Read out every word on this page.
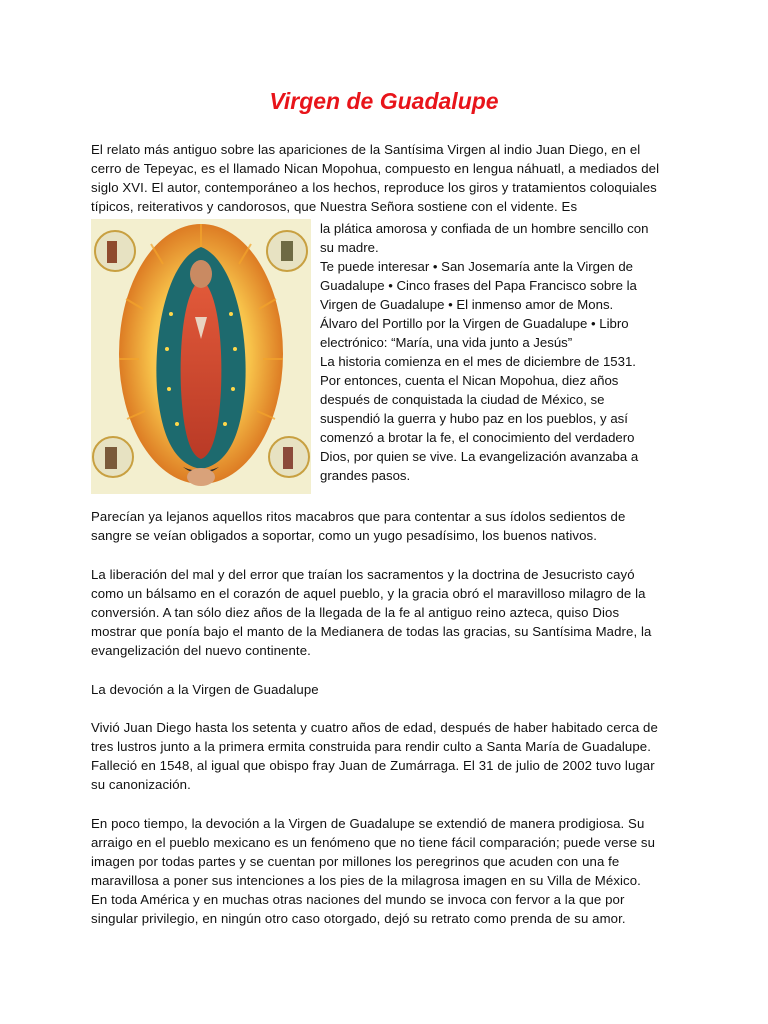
Virgen de Guadalupe
El relato más antiguo sobre las apariciones de la Santísima Virgen al indio Juan Diego, en el cerro de Tepeyac, es el llamado Nican Mopohua, compuesto en lengua náhuatl, a mediados del siglo XVI. El autor, contemporáneo a los hechos, reproduce los giros y tratamientos coloquiales típicos, reiterativos y candorosos, que Nuestra Señora sostiene con el vidente. Es
la plática amorosa y confiada de un hombre sencillo con
su madre.
Te puede interesar • San Josemaría ante la Virgen de
Guadalupe • Cinco frases del Papa Francisco sobre la
Virgen de Guadalupe • El inmenso amor de Mons.
Álvaro del Portillo por la Virgen de Guadalupe • Libro
electrónico: “María, una vida junto a Jesús”
La historia comienza en el mes de diciembre de 1531.
Por entonces, cuenta el Nican Mopohua, diez años
después de conquistada la ciudad de México, se
suspendió la guerra y hubo paz en los pueblos, y así
comenzó a brotar la fe, el conocimiento del verdadero
Dios, por quien se vive. La evangelización avanzaba a
grandes pasos.
Parecían ya lejanos aquellos ritos macabros que para contentar a sus ídolos sedientos de sangre se veían obligados a soportar, como un yugo pesadísimo, los buenos nativos.
La liberación del mal y del error que traían los sacramentos y la doctrina de Jesucristo cayó como un bálsamo en el corazón de aquel pueblo, y la gracia obró el maravilloso milagro de la conversión. A tan sólo diez años de la llegada de la fe al antiguo reino azteca, quiso Dios mostrar que ponía bajo el manto de la Medianera de todas las gracias, su Santísima Madre, la evangelización del nuevo continente.
La devoción a la Virgen de Guadalupe
Vivió Juan Diego hasta los setenta y cuatro años de edad, después de haber habitado cerca de tres lustros junto a la primera ermita construida para rendir culto a Santa María de Guadalupe. Falleció en 1548, al igual que obispo fray Juan de Zumárraga. El 31 de julio de 2002 tuvo lugar su canonización.
En poco tiempo, la devoción a la Virgen de Guadalupe se extendió de manera prodigiosa. Su arraigo en el pueblo mexicano es un fenómeno que no tiene fácil comparación; puede verse su imagen por todas partes y se cuentan por millones los peregrinos que acuden con una fe maravillosa a poner sus intenciones a los pies de la milagrosa imagen en su Villa de México. En toda América y en muchas otras naciones del mundo se invoca con fervor a la que por singular privilegio, en ningún otro caso otorgado, dejó su retrato como prenda de su amor.
